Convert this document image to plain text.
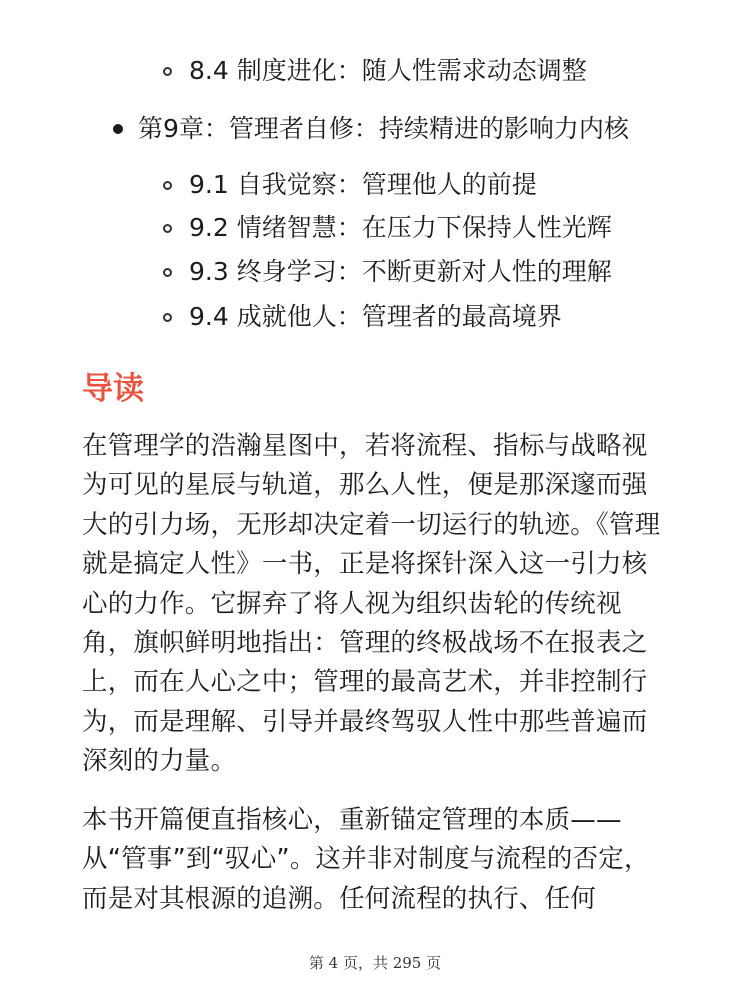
8.4 制度进化：随人性需求动态调整
第9章：管理者自修：持续精进的影响力内核
9.1 自我觉察：管理他人的前提
9.2 情绪智慧：在压力下保持人性光辉
9.3 终身学习：不断更新对人性的理解
9.4 成就他人：管理者的最高境界
导读

在管理学的浩瀚星图中，若将流程、指标与战略视为可见的星辰与轨道，那么人性，便是那深邃而强大的引力场，无形却决定着一切运行的轨迹。《管理就是搞定人性》一书，正是将探针深入这一引力核心的力作。它摒弃了将人视为组织齿轮的传统视角，旗帜鲜明地指出：管理的终极战场不在报表之上，而在人心之中；管理的最高艺术，并非控制行为，而是理解、引导并最终驾驭人性中那些普遍而深刻的力量。

本书开篇便直指核心，重新锚定管理的本质——从“管事”到“驭心”。这并非对制度与流程的否定，而是对其根源的追溯。任何流程的执行、任何

第 4 页，共 295 页
